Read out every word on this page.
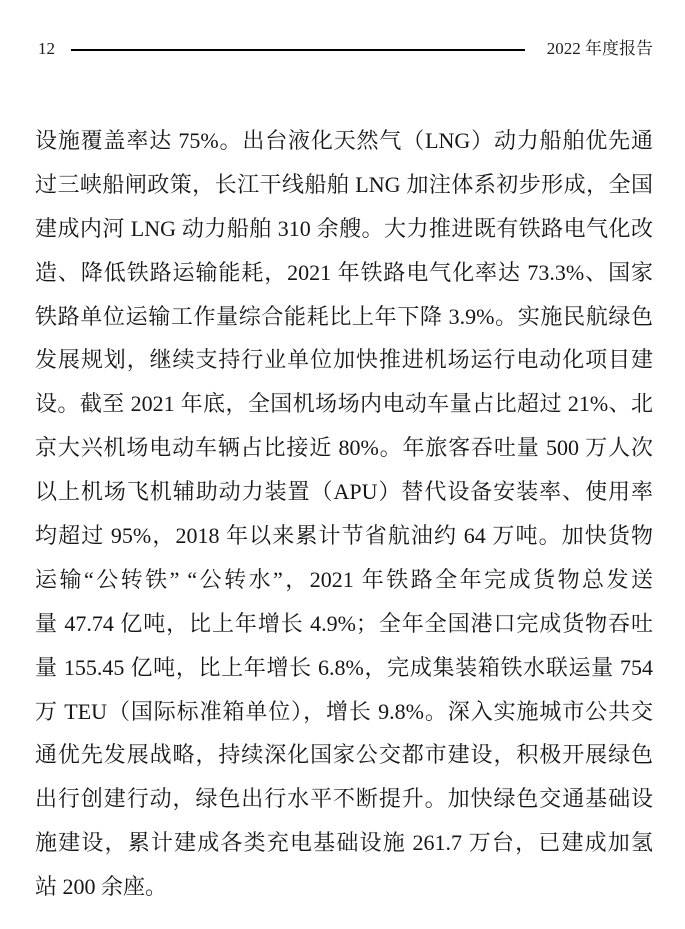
12	2022 年度报告
设施覆盖率达 75%。出台液化天然气（LNG）动力船舶优先通
过三峡船闸政策，长江干线船舶 LNG 加注体系初步形成，全国
建成内河 LNG 动力船舶 310 余艘。大力推进既有铁路电气化改
造、降低铁路运输能耗，2021 年铁路电气化率达 73.3%、国家
铁路单位运输工作量综合能耗比上年下降 3.9%。实施民航绿色
发展规划，继续支持行业单位加快推进机场运行电动化项目建
设。截至 2021 年底，全国机场场内电动车量占比超过 21%、北
京大兴机场电动车辆占比接近 80%。年旅客吞吐量 500 万人次
以上机场飞机辅助动力装置（APU）替代设备安装率、使用率
均超过 95%，2018 年以来累计节省航油约 64 万吨。加快货物
运输“公转铁” “公转水”，2021 年铁路全年完成货物总发送
量 47.74 亿吨，比上年增长 4.9%；全年全国港口完成货物吞吐
量 155.45 亿吨，比上年增长 6.8%，完成集装箱铁水联运量 754
万 TEU（国际标准箱单位），增长 9.8%。深入实施城市公共交
通优先发展战略，持续深化国家公交都市建设，积极开展绿色
出行创建行动，绿色出行水平不断提升。加快绿色交通基础设
施建设，累计建成各类充电基础设施 261.7 万台，已建成加氢
站 200 余座。
